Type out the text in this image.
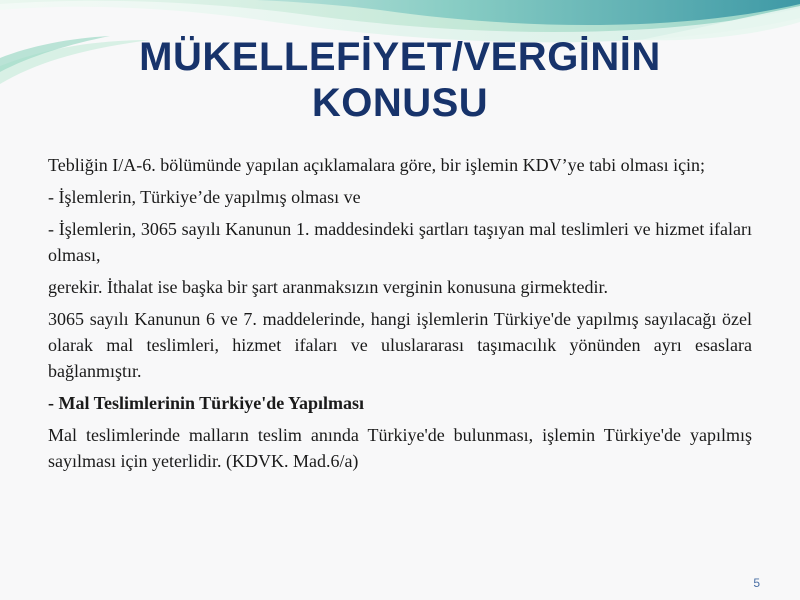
MÜKELLEFİYET/VERGİNİN KONUSU

Tebliğin I/A-6. bölümünde yapılan açıklamalara göre, bir işlemin KDV’ye tabi olması için;

- İşlemlerin, Türkiye’de yapılmış olması ve

- İşlemlerin, 3065 sayılı Kanunun 1. maddesindeki şartları taşıyan mal teslimleri ve hizmet ifaları olması,

gerekir. İthalat ise başka bir şart aranmaksızın verginin konusuna girmektedir.

3065 sayılı Kanunun 6 ve 7. maddelerinde, hangi işlemlerin Türkiye'de yapılmış sayılacağı özel olarak mal teslimleri, hizmet ifaları ve uluslararası taşımacılık yönünden ayrı esaslara bağlanmıştır.

- Mal Teslimlerinin Türkiye'de Yapılması

Mal teslimlerinde malların teslim anında Türkiye'de bulunması, işlemin Türkiye'de yapılmış sayılması için yeterlidir. (KDVK. Mad.6/a)

5
